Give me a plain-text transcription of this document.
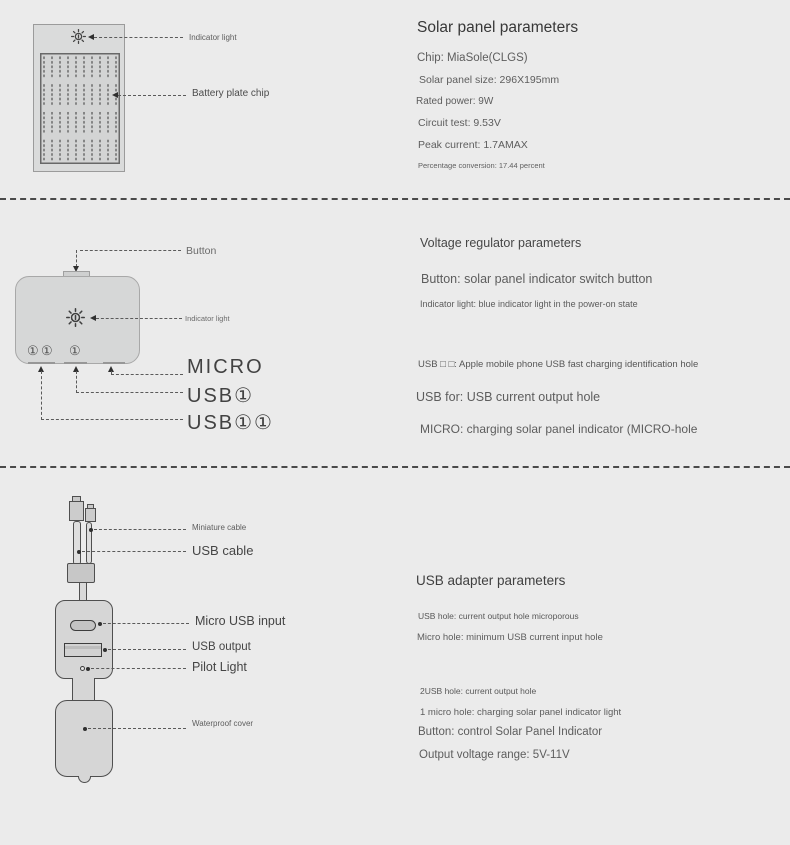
Indicator light
Battery plate chip
Solar panel parameters
Chip: MiaSole(CLGS)
Solar panel size: 296X195mm
Rated power: 9W
Circuit test: 9.53V
Peak current: 1.7AMAX
Percentage conversion: 17.44 percent
Button
Indicator light
① ① ①
MICRO
USB①
USB①①
Voltage regulator parameters
Button: solar panel indicator switch button
Indicator light: blue indicator light in the power-on state
USB □ □: Apple mobile phone USB fast charging identification hole
USB for: USB current output hole
MICRO: charging solar panel indicator (MICRO-hole
Miniature cable
USB cable
Micro USB input
USB output
Pilot Light
Waterproof cover
USB adapter parameters
USB hole: current output hole microporous
Micro hole: minimum USB current input hole
2USB hole: current output hole
1 micro hole: charging solar panel indicator light
Button: control Solar Panel Indicator
Output voltage range: 5V-11V
